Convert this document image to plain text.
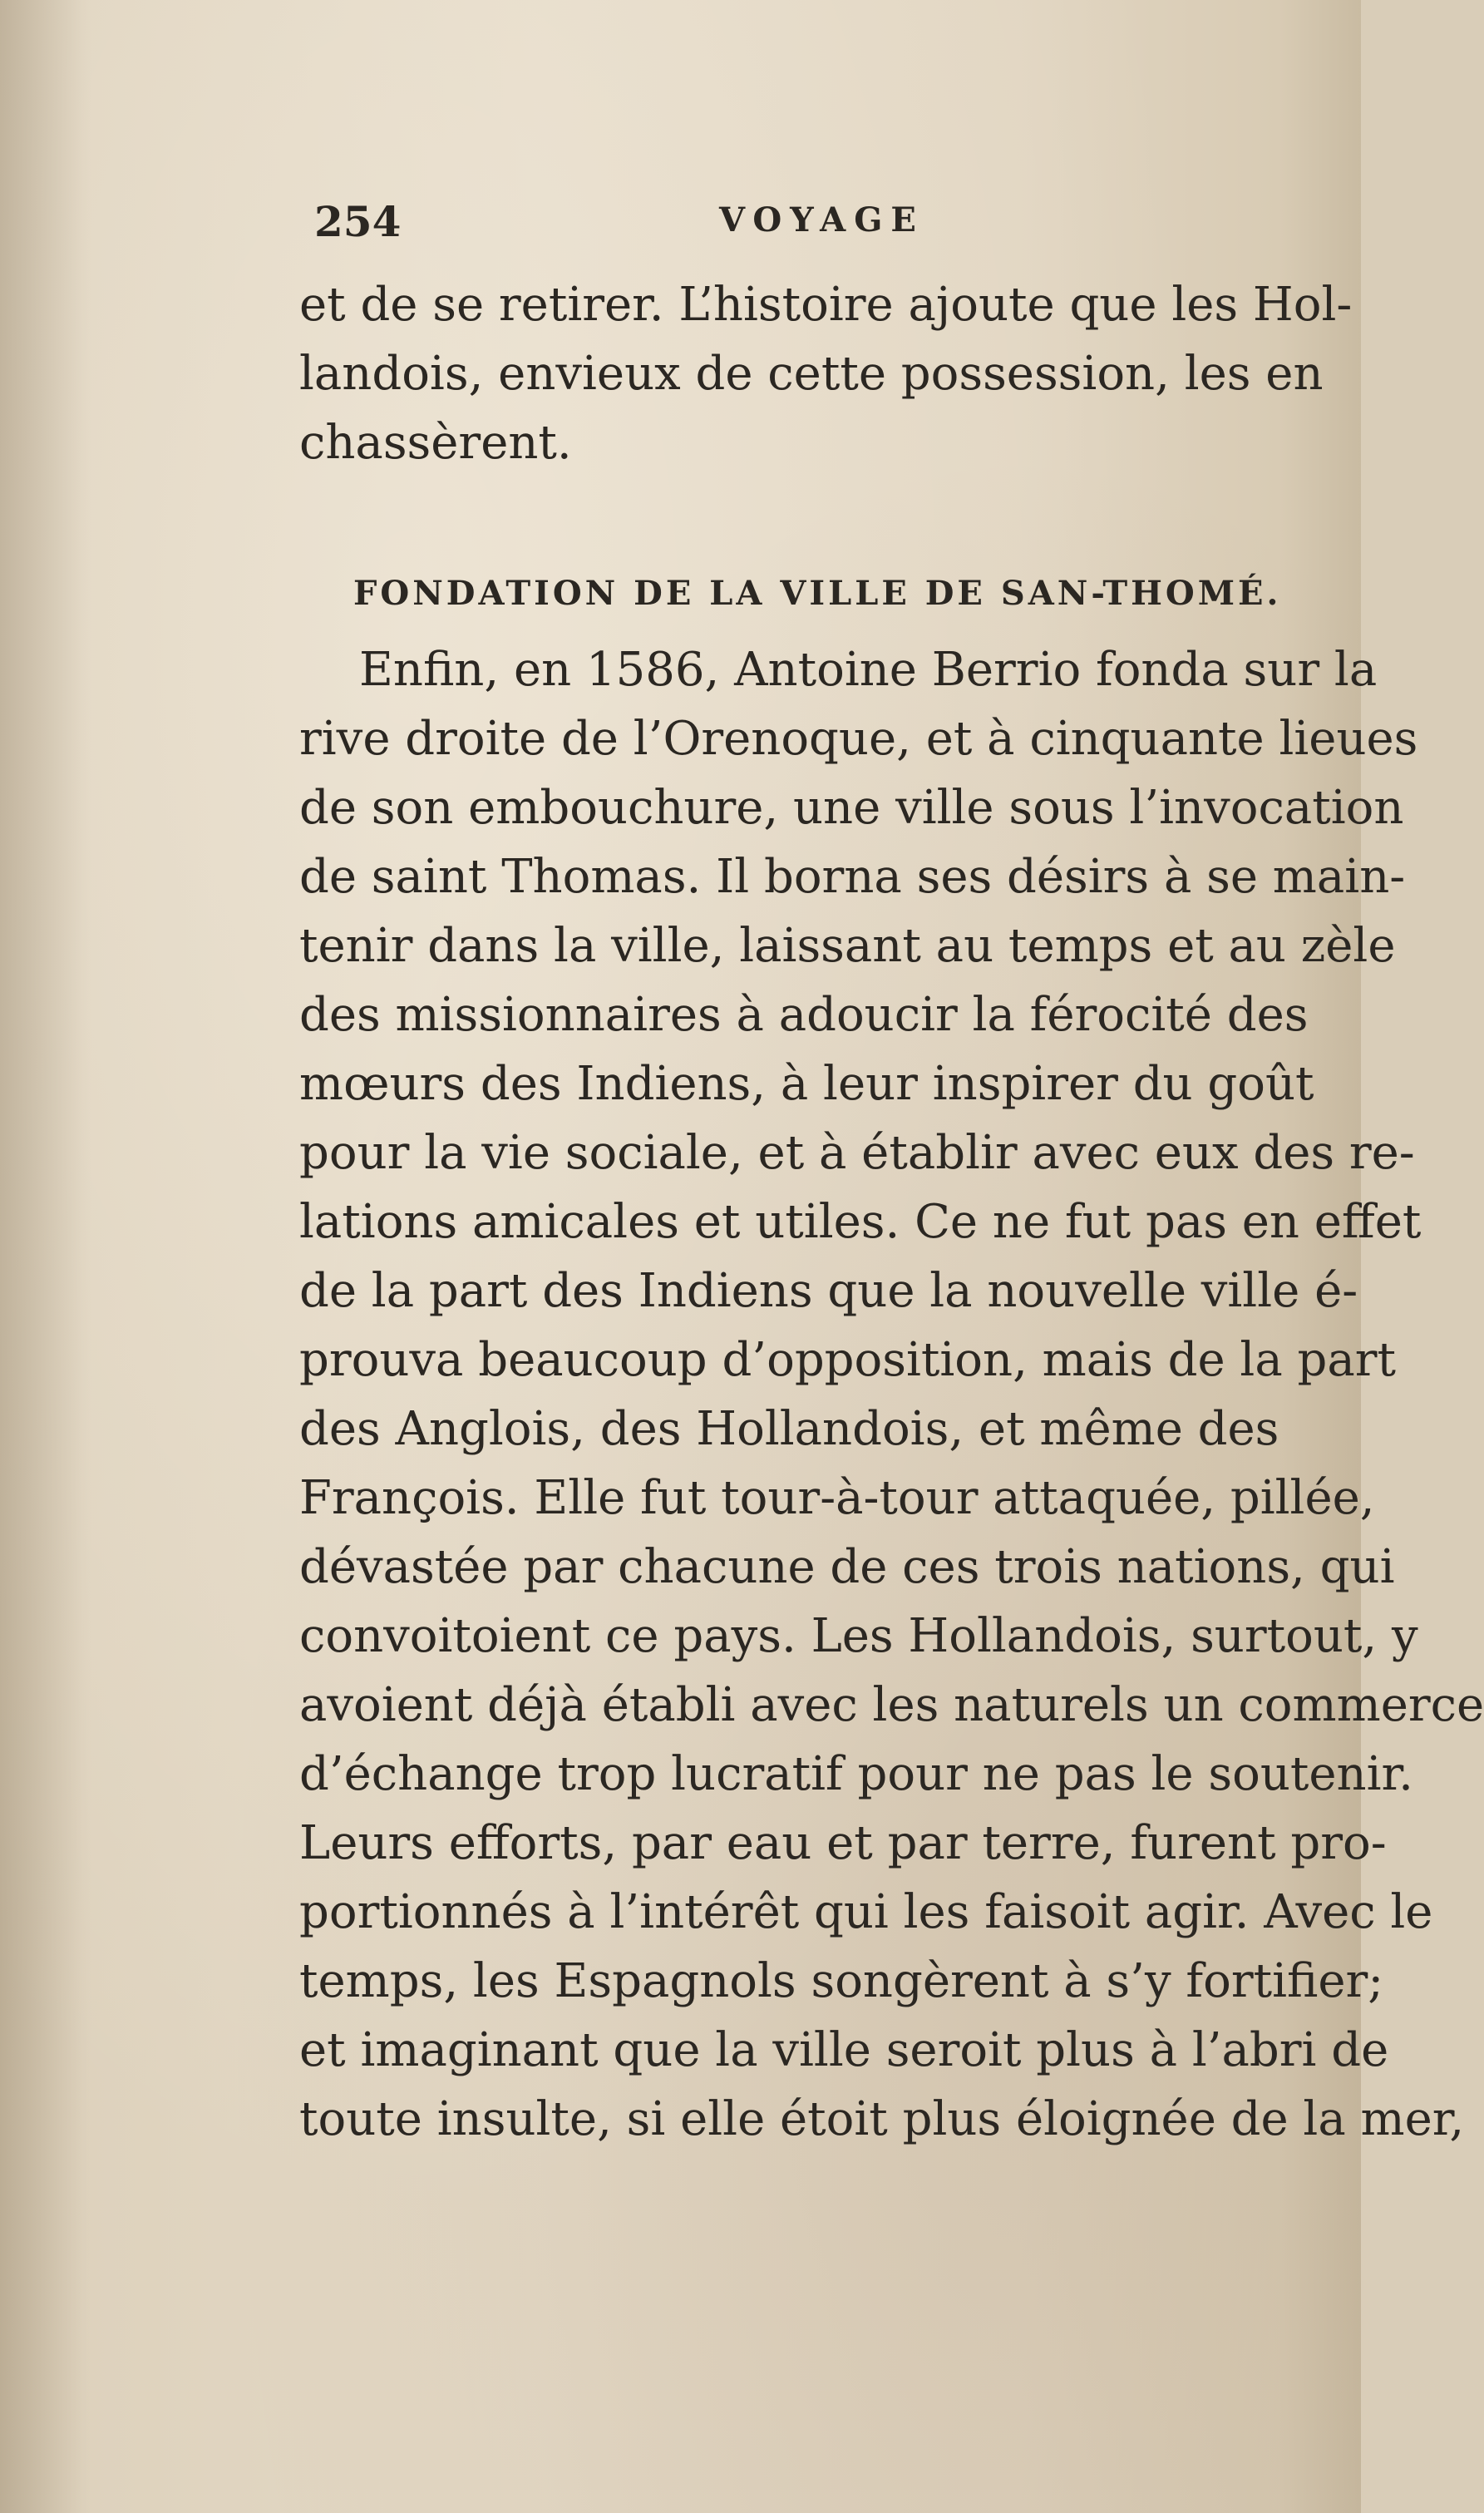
254	VOYAGE
et de se retirer. L’histoire ajoute que les Hol-
landois, envieux de cette possession, les en
chassèrent.
FONDATION DE LA VILLE DE SAN-THOMÉ.
Enfin, en 1586, Antoine Berrio fonda sur la
rive droite de l’Orenoque, et à cinquante lieues
de son embouchure, une ville sous l’invocation
de saint Thomas. Il borna ses désirs à se main-
tenir dans la ville, laissant au temps et au zèle
des missionnaires à adoucir la férocité des
mœurs des Indiens, à leur inspirer du goût
pour la vie sociale, et à établir avec eux des re-
lations amicales et utiles. Ce ne fut pas en effet
de la part des Indiens que la nouvelle ville é-
prouva beaucoup d’opposition, mais de la part
des Anglois, des Hollandois, et même des
François. Elle fut tour-à-tour attaquée, pillée,
dévastée par chacune de ces trois nations, qui
convoitoient ce pays. Les Hollandois, surtout, y
avoient déjà établi avec les naturels un commerce
d’échange trop lucratif pour ne pas le soutenir.
Leurs efforts, par eau et par terre, furent pro-
portionnés à l’intérêt qui les faisoit agir. Avec le
temps, les Espagnols songèrent à s’y fortifier;
et imaginant que la ville seroit plus à l’abri de
toute insulte, si elle étoit plus éloignée de la mer,
